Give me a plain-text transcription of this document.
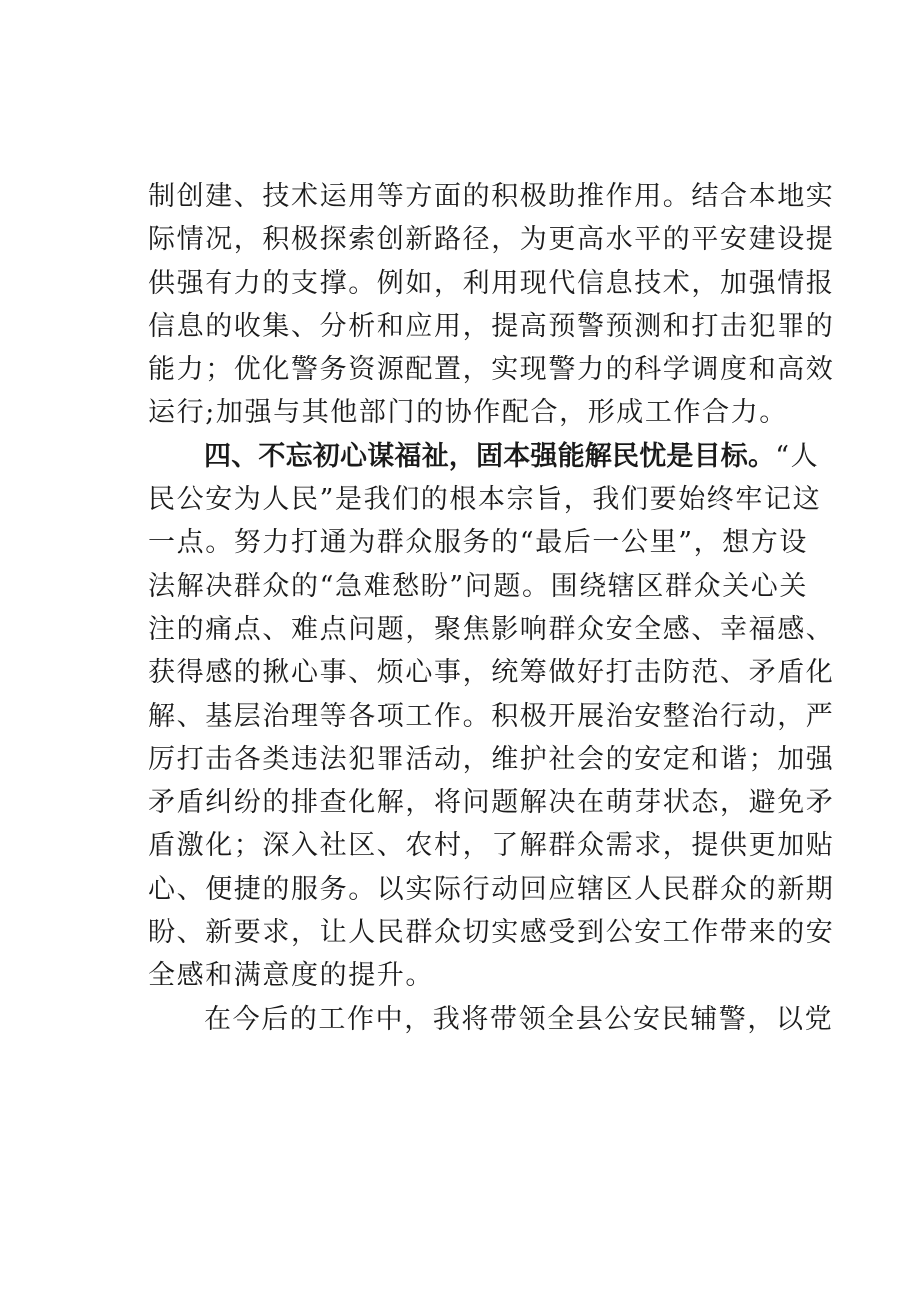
制创建、技术运用等方面的积极助推作用。结合本地实
际情况，积极探索创新路径，为更高水平的平安建设提
供强有力的支撑。例如，利用现代信息技术，加强情报
信息的收集、分析和应用，提高预警预测和打击犯罪的
能力；优化警务资源配置，实现警力的科学调度和高效
运行;加强与其他部门的协作配合，形成工作合力。
四、不忘初心谋福祉，固本强能解民忧是目标。“人
民公安为人民”是我们的根本宗旨，我们要始终牢记这
一点。努力打通为群众服务的“最后一公里”，想方设
法解决群众的“急难愁盼”问题。围绕辖区群众关心关
注的痛点、难点问题，聚焦影响群众安全感、幸福感、
获得感的揪心事、烦心事，统筹做好打击防范、矛盾化
解、基层治理等各项工作。积极开展治安整治行动，严
厉打击各类违法犯罪活动，维护社会的安定和谐；加强
矛盾纠纷的排查化解，将问题解决在萌芽状态，避免矛
盾激化；深入社区、农村，了解群众需求，提供更加贴
心、便捷的服务。以实际行动回应辖区人民群众的新期
盼、新要求，让人民群众切实感受到公安工作带来的安
全感和满意度的提升。
在今后的工作中，我将带领全县公安民辅警，以党
